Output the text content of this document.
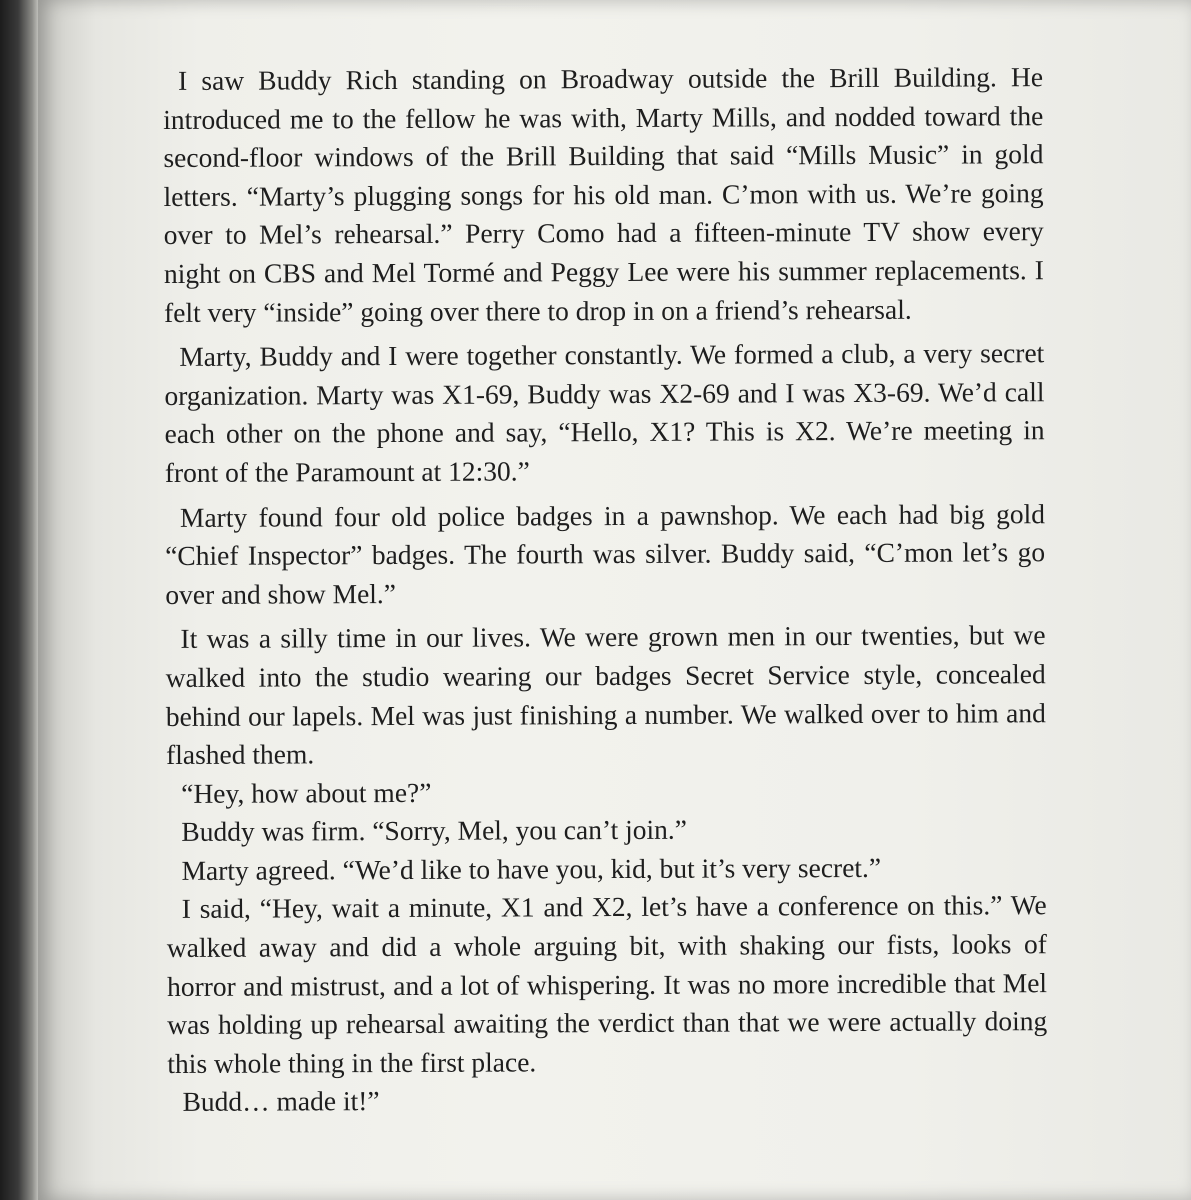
I saw Buddy Rich standing on Broadway outside the Brill Building. He introduced me to the fellow he was with, Marty Mills, and nodded toward the second-floor windows of the Brill Building that said “Mills Music” in gold letters. “Marty’s plugging songs for his old man. C’mon with us. We’re going over to Mel’s rehearsal.” Perry Como had a fifteen-minute TV show every night on CBS and Mel Tormé and Peggy Lee were his summer replacements. I felt very “inside” going over there to drop in on a friend’s rehearsal.

Marty, Buddy and I were together constantly. We formed a club, a very secret organization. Marty was X1-69, Buddy was X2-69 and I was X3-69. We’d call each other on the phone and say, “Hello, X1? This is X2. We’re meeting in front of the Paramount at 12:30.”

Marty found four old police badges in a pawnshop. We each had big gold “Chief Inspector” badges. The fourth was silver. Buddy said, “C’mon let’s go over and show Mel.”

It was a silly time in our lives. We were grown men in our twenties, but we walked into the studio wearing our badges Secret Service style, concealed behind our lapels. Mel was just finishing a number. We walked over to him and flashed them.

“Hey, how about me?”

Buddy was firm. “Sorry, Mel, you can’t join.”

Marty agreed. “We’d like to have you, kid, but it’s very secret.”

I said, “Hey, wait a minute, X1 and X2, let’s have a conference on this.” We walked away and did a whole arguing bit, with shaking our fists, looks of horror and mistrust, and a lot of whispering. It was no more incredible that Mel was holding up rehearsal awaiting the verdict than that we were actually doing this whole thing in the first place.

Budd… made it!”
